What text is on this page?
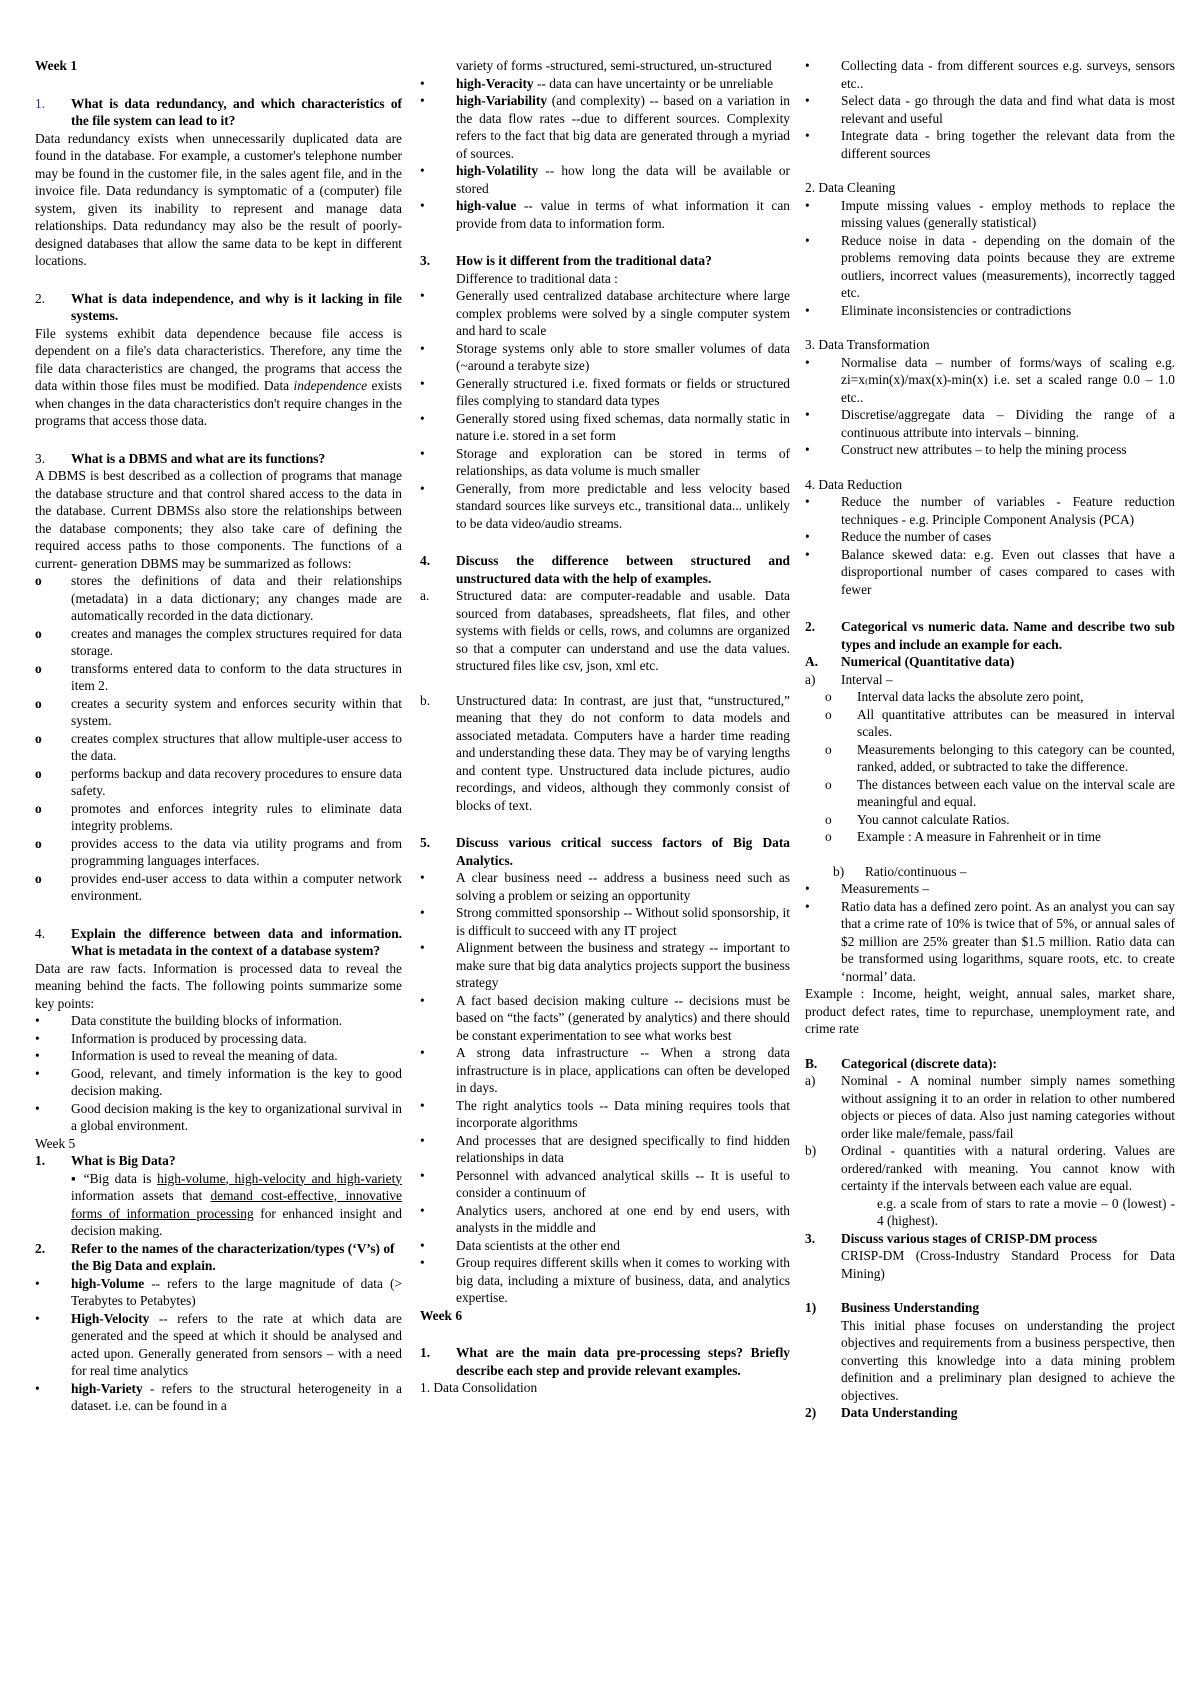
Week 1

1. What is data redundancy, and which characteristics of the file system can lead to it?

Data redundancy exists when unnecessarily duplicated data are found in the database. For example, a customer's telephone number may be found in the customer file, in the sales agent file, and in the invoice file. Data redundancy is symptomatic of a (computer) file system, given its inability to represent and manage data relationships. Data redundancy may also be the result of poorly-designed databases that allow the same data to be kept in different locations.

2. What is data independence, and why is it lacking in file systems.

File systems exhibit data dependence because file access is dependent on a file's data characteristics. Therefore, any time the file data characteristics are changed, the programs that access the data within those files must be modified. Data independence exists when changes in the data characteristics don't require changes in the programs that access those data.

3. What is a DBMS and what are its functions?

A DBMS is best described as a collection of programs that manage the database structure and that control shared access to the data in the database. Current DBMSs also store the relationships between the database components; they also take care of defining the required access paths to those components. The functions of a current- generation DBMS may be summarized as follows:

o stores the definitions of data and their relationships (metadata) in a data dictionary; any changes made are automatically recorded in the data dictionary.
o creates and manages the complex structures required for data storage.
o transforms entered data to conform to the data structures in item 2.
o creates a security system and enforces security within that system.
o creates complex structures that allow multiple-user access to the data.
o performs backup and data recovery procedures to ensure data safety.
o promotes and enforces integrity rules to eliminate data integrity problems.
o provides access to the data via utility programs and from programming languages interfaces.
o provides end-user access to data within a computer network environment.
4. Explain the difference between data and information. What is metadata in the context of a database system?

Data are raw facts. Information is processed data to reveal the meaning behind the facts. The following points summarize some key points:

• Data constitute the building blocks of information.
• Information is produced by processing data.
• Information is used to reveal the meaning of data.
• Good, relevant, and timely information is the key to good decision making.
• Good decision making is the key to organizational survival in a global environment.

Week 5

1. What is Big Data?

▪ “Big data is high-volume, high-velocity and high-variety information assets that demand cost-effective, innovative forms of information processing for enhanced insight and decision making.

2. Refer to the names of the characterization/types (‘V’s) of the Big Data and explain.
• high-Volume -- refers to the large magnitude of data (> Terabytes to Petabytes)
• High-Velocity -- refers to the rate at which data are generated and the speed at which it should be analysed and acted upon. Generally generated from sensors – with a need for real time analytics
• high-Variety - refers to the structural heterogeneity in a dataset. i.e. can be found in a

variety of forms -structured, semi-structured, un-structured

• high-Veracity -- data can have uncertainty or be unreliable
• high-Variability (and complexity) -- based on a variation in the data flow rates --due to different sources. Complexity refers to the fact that big data are generated through a myriad of sources.
• high-Volatility -- how long the data will be available or stored
• high-value -- value in terms of what information it can provide from data to information form.
3. How is it different from the traditional data?

Difference to traditional data :

• Generally used centralized database architecture where large complex problems were solved by a single computer system and hard to scale
• Storage systems only able to store smaller volumes of data (~around a terabyte size)
• Generally structured i.e. fixed formats or fields or structured files complying to standard data types
• Generally stored using fixed schemas, data normally static in nature i.e. stored in a set form
• Storage and exploration can be stored in terms of relationships, as data volume is much smaller
• Generally, from more predictable and less velocity based standard sources like surveys etc., transitional data... unlikely to be data video/audio streams.
4. Discuss the difference between structured and unstructured data with the help of examples.
a. Structured data: are computer-readable and usable. Data sourced from databases, spreadsheets, flat files, and other systems with fields or cells, rows, and columns are organized so that a computer can understand and use the data values. structured files like csv, json, xml etc.
b. Unstructured data: In contrast, are just that, “unstructured,” meaning that they do not conform to data models and associated metadata. Computers have a harder time reading and understanding these data. They may be of varying lengths and content type. Unstructured data include pictures, audio recordings, and videos, although they commonly consist of blocks of text.
5. Discuss various critical success factors of Big Data Analytics.
• A clear business need -- address a business need such as solving a problem or seizing an opportunity
• Strong committed sponsorship -- Without solid sponsorship, it is difficult to succeed with any IT project
• Alignment between the business and strategy -- important to make sure that big data analytics projects support the business strategy
• A fact based decision making culture -- decisions must be based on “the facts” (generated by analytics) and there should be constant experimentation to see what works best
• A strong data infrastructure -- When a strong data infrastructure is in place, applications can often be developed in days.
• The right analytics tools -- Data mining requires tools that incorporate algorithms
• And processes that are designed specifically to find hidden relationships in data
• Personnel with advanced analytical skills -- It is useful to consider a continuum of
• Analytics users, anchored at one end by end users, with analysts in the middle and
• Data scientists at the other end
• Group requires different skills when it comes to working with big data, including a mixture of business, data, and analytics expertise.

Week 6

1. What are the main data pre-processing steps? Briefly describe each step and provide relevant examples.

1. Data Consolidation

• Collecting data - from different sources e.g. surveys, sensors etc..
• Select data - go through the data and find what data is most relevant and useful
• Integrate data - bring together the relevant data from the different sources

2. Data Cleaning

• Impute missing values - employ methods to replace the missing values (generally statistical)
• Reduce noise in data - depending on the domain of the problems removing data points because they are extreme outliers, incorrect values (measurements), incorrectly tagged etc.
• Eliminate inconsistencies or contradictions

3. Data Transformation

• Normalise data – number of forms/ways of scaling e.g. zi=x₍min(x)/max(x)-min(x) i.e. set a scaled range 0.0 – 1.0 etc..
• Discretise/aggregate data – Dividing the range of a continuous attribute into intervals – binning.
• Construct new attributes – to help the mining process

4. Data Reduction

• Reduce the number of variables - Feature reduction techniques - e.g. Principle Component Analysis (PCA)
• Reduce the number of cases
• Balance skewed data: e.g. Even out classes that have a disproportional number of cases compared to cases with fewer
2. Categorical vs numeric data. Name and describe two sub types and include an example for each.
A. Numerical (Quantitative data)
a) Interval –
o Interval data lacks the absolute zero point,
o All quantitative attributes can be measured in interval scales.
o Measurements belonging to this category can be counted, ranked, added, or subtracted to take the difference.
o The distances between each value on the interval scale are meaningful and equal.
o You cannot calculate Ratios.
o Example : A measure in Fahrenheit or in time
b) Ratio/continuous –
• Measurements –
• Ratio data has a defined zero point. As an analyst you can say that a crime rate of 10% is twice that of 5%, or annual sales of $2 million are 25% greater than $1.5 million. Ratio data can be transformed using logarithms, square roots, etc. to create ‘normal’ data.

Example : Income, height, weight, annual sales, market share, product defect rates, time to repurchase, unemployment rate, and crime rate

B. Categorical (discrete data):
a) Nominal - A nominal number simply names something without assigning it to an order in relation to other numbered objects or pieces of data. Also just naming categories without order like male/female, pass/fail
b) Ordinal - quantities with a natural ordering. Values are ordered/ranked with meaning. You cannot know with certainty if the intervals between each value are equal.

e.g. a scale from of stars to rate a movie – 0 (lowest) - 4 (highest).

3. Discuss various stages of CRISP-DM process

CRISP-DM (Cross-Industry Standard Process for Data Mining)

1) Business Understanding

This initial phase focuses on understanding the project objectives and requirements from a business perspective, then converting this knowledge into a data mining problem definition and a preliminary plan designed to achieve the objectives.

2) Data Understanding
